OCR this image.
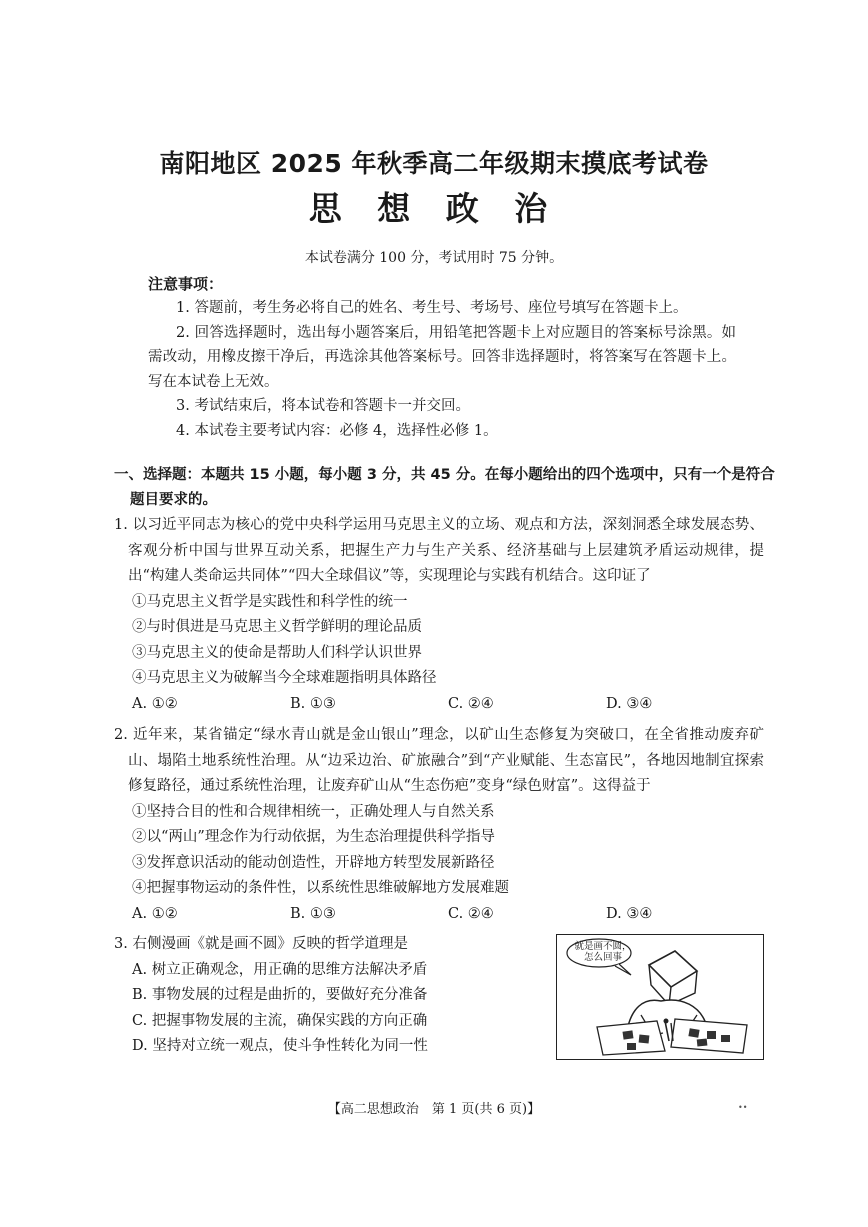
南阳地区 2025 年秋季高二年级期末摸底考试卷
思 想 政 治
本试卷满分 100 分，考试用时 75 分钟。
注意事项：
1. 答题前，考生务必将自己的姓名、考生号、考场号、座位号填写在答题卡上。
2. 回答选择题时，选出每小题答案后，用铅笔把答题卡上对应题目的答案标号涂黑。如需改动，用橡皮擦干净后，再选涂其他答案标号。回答非选择题时，将答案写在答题卡上。写在本试卷上无效。
3. 考试结束后，将本试卷和答题卡一并交回。
4. 本试卷主要考试内容：必修 4，选择性必修 1。
一、选择题：本题共 15 小题，每小题 3 分，共 45 分。在每小题给出的四个选项中，只有一个是符合题目要求的。
1. 以习近平同志为核心的党中央科学运用马克思主义的立场、观点和方法，深刻洞悉全球发展态势、客观分析中国与世界互动关系，把握生产力与生产关系、经济基础与上层建筑矛盾运动规律，提出“构建人类命运共同体”“四大全球倡议”等，实现理论与实践有机结合。这印证了
①马克思主义哲学是实践性和科学性的统一
②与时俱进是马克思主义哲学鲜明的理论品质
③马克思主义的使命是帮助人们科学认识世界
④马克思主义为破解当今全球难题指明具体路径
A. ①②	B. ①③	C. ②④	D. ③④
2. 近年来，某省锚定“绿水青山就是金山银山”理念，以矿山生态修复为突破口，在全省推动废弃矿山、塌陷土地系统性治理。从“边采边治、矿旅融合”到“产业赋能、生态富民”，各地因地制宜探索修复路径，通过系统性治理，让废弃矿山从“生态伤疤”变身“绿色财富”。这得益于
①坚持合目的性和合规律相统一，正确处理人与自然关系
②以“两山”理念作为行动依据，为生态治理提供科学指导
③发挥意识活动的能动创造性，开辟地方转型发展新路径
④把握事物运动的条件性，以系统性思维破解地方发展难题
A. ①②	B. ①③	C. ②④	D. ③④
3. 右侧漫画《就是画不圆》反映的哲学道理是
A. 树立正确观念，用正确的思维方法解决矛盾
B. 事物发展的过程是曲折的，要做好充分准备
C. 把握事物发展的主流，确保实践的方向正确
D. 坚持对立统一观点，使斗争性转化为同一性
就是画不圆，
怎么回事
【高二思想政治　第 1 页(共 6 页)】	••
